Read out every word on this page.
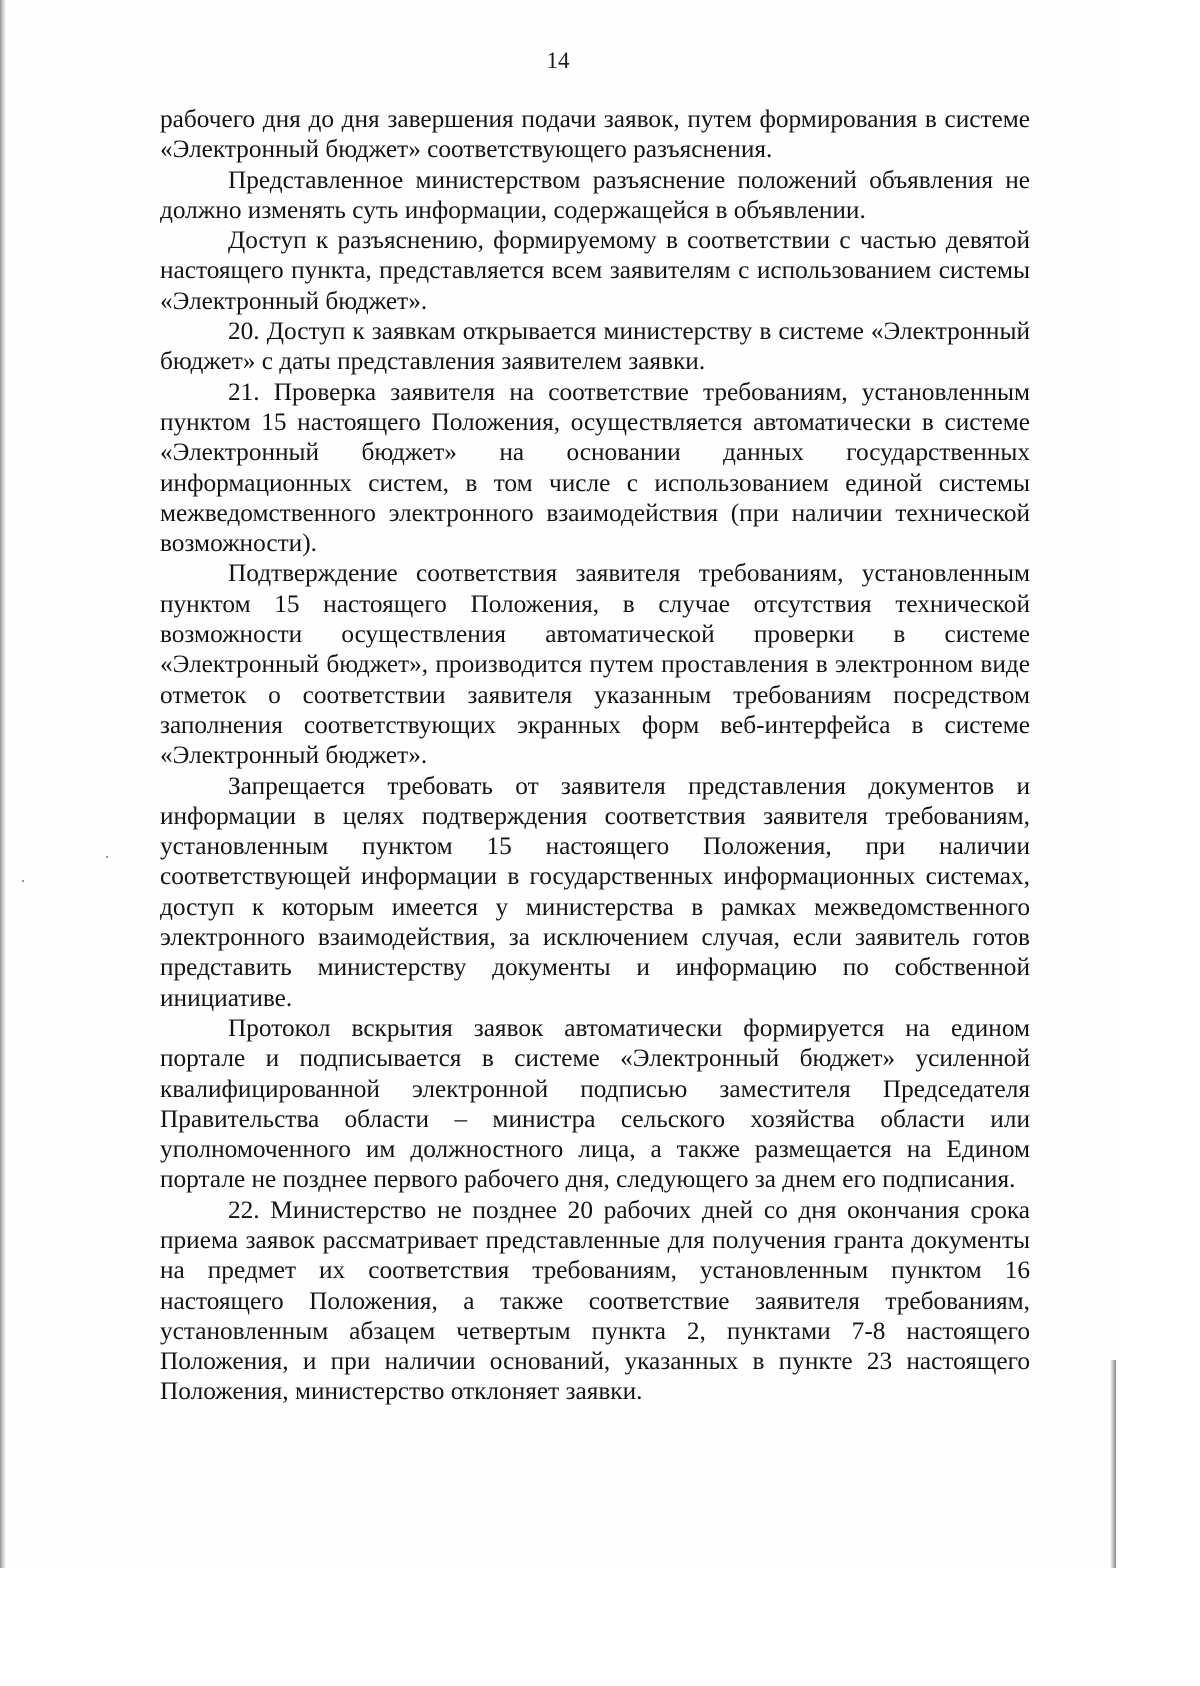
14

рабочего дня до дня завершения подачи заявок, путем формирования в системе «Электронный бюджет» соответствующего разъяснения.

Представленное министерством разъяснение положений объявления не должно изменять суть информации, содержащейся в объявлении.

Доступ к разъяснению, формируемому в соответствии с частью девятой настоящего пункта, представляется всем заявителям с использованием системы «Электронный бюджет».

20. Доступ к заявкам открывается министерству в системе «Электронный бюджет» с даты представления заявителем заявки.

21. Проверка заявителя на соответствие требованиям, установленным пунктом 15 настоящего Положения, осуществляется автоматически в системе «Электронный бюджет» на основании данных государственных информационных систем, в том числе с использованием единой системы межведомственного электронного взаимодействия (при наличии технической возможности).

Подтверждение соответствия заявителя требованиям, установленным пунктом 15 настоящего Положения, в случае отсутствия технической возможности осуществления автоматической проверки в системе «Электронный бюджет», производится путем проставления в электронном виде отметок о соответствии заявителя указанным требованиям посредством заполнения соответствующих экранных форм веб-интерфейса в системе «Электронный бюджет».

Запрещается требовать от заявителя представления документов и информации в целях подтверждения соответствия заявителя требованиям, установленным пунктом 15 настоящего Положения, при наличии соответствующей информации в государственных информационных системах, доступ к которым имеется у министерства в рамках межведомственного электронного взаимодействия, за исключением случая, если заявитель готов представить министерству документы и информацию по собственной инициативе.

Протокол вскрытия заявок автоматически формируется на едином портале и подписывается в системе «Электронный бюджет» усиленной квалифицированной электронной подписью заместителя Председателя Правительства области – министра сельского хозяйства области или уполномоченного им должностного лица, а также размещается на Едином портале не позднее первого рабочего дня, следующего за днем его подписания.

22. Министерство не позднее 20 рабочих дней со дня окончания срока приема заявок рассматривает представленные для получения гранта документы на предмет их соответствия требованиям, установленным пунктом 16 настоящего Положения, а также соответствие заявителя требованиям, установленным абзацем четвертым пункта 2, пунктами 7-8 настоящего Положения, и при наличии оснований, указанных в пункте 23 настоящего Положения, министерство отклоняет заявки.
